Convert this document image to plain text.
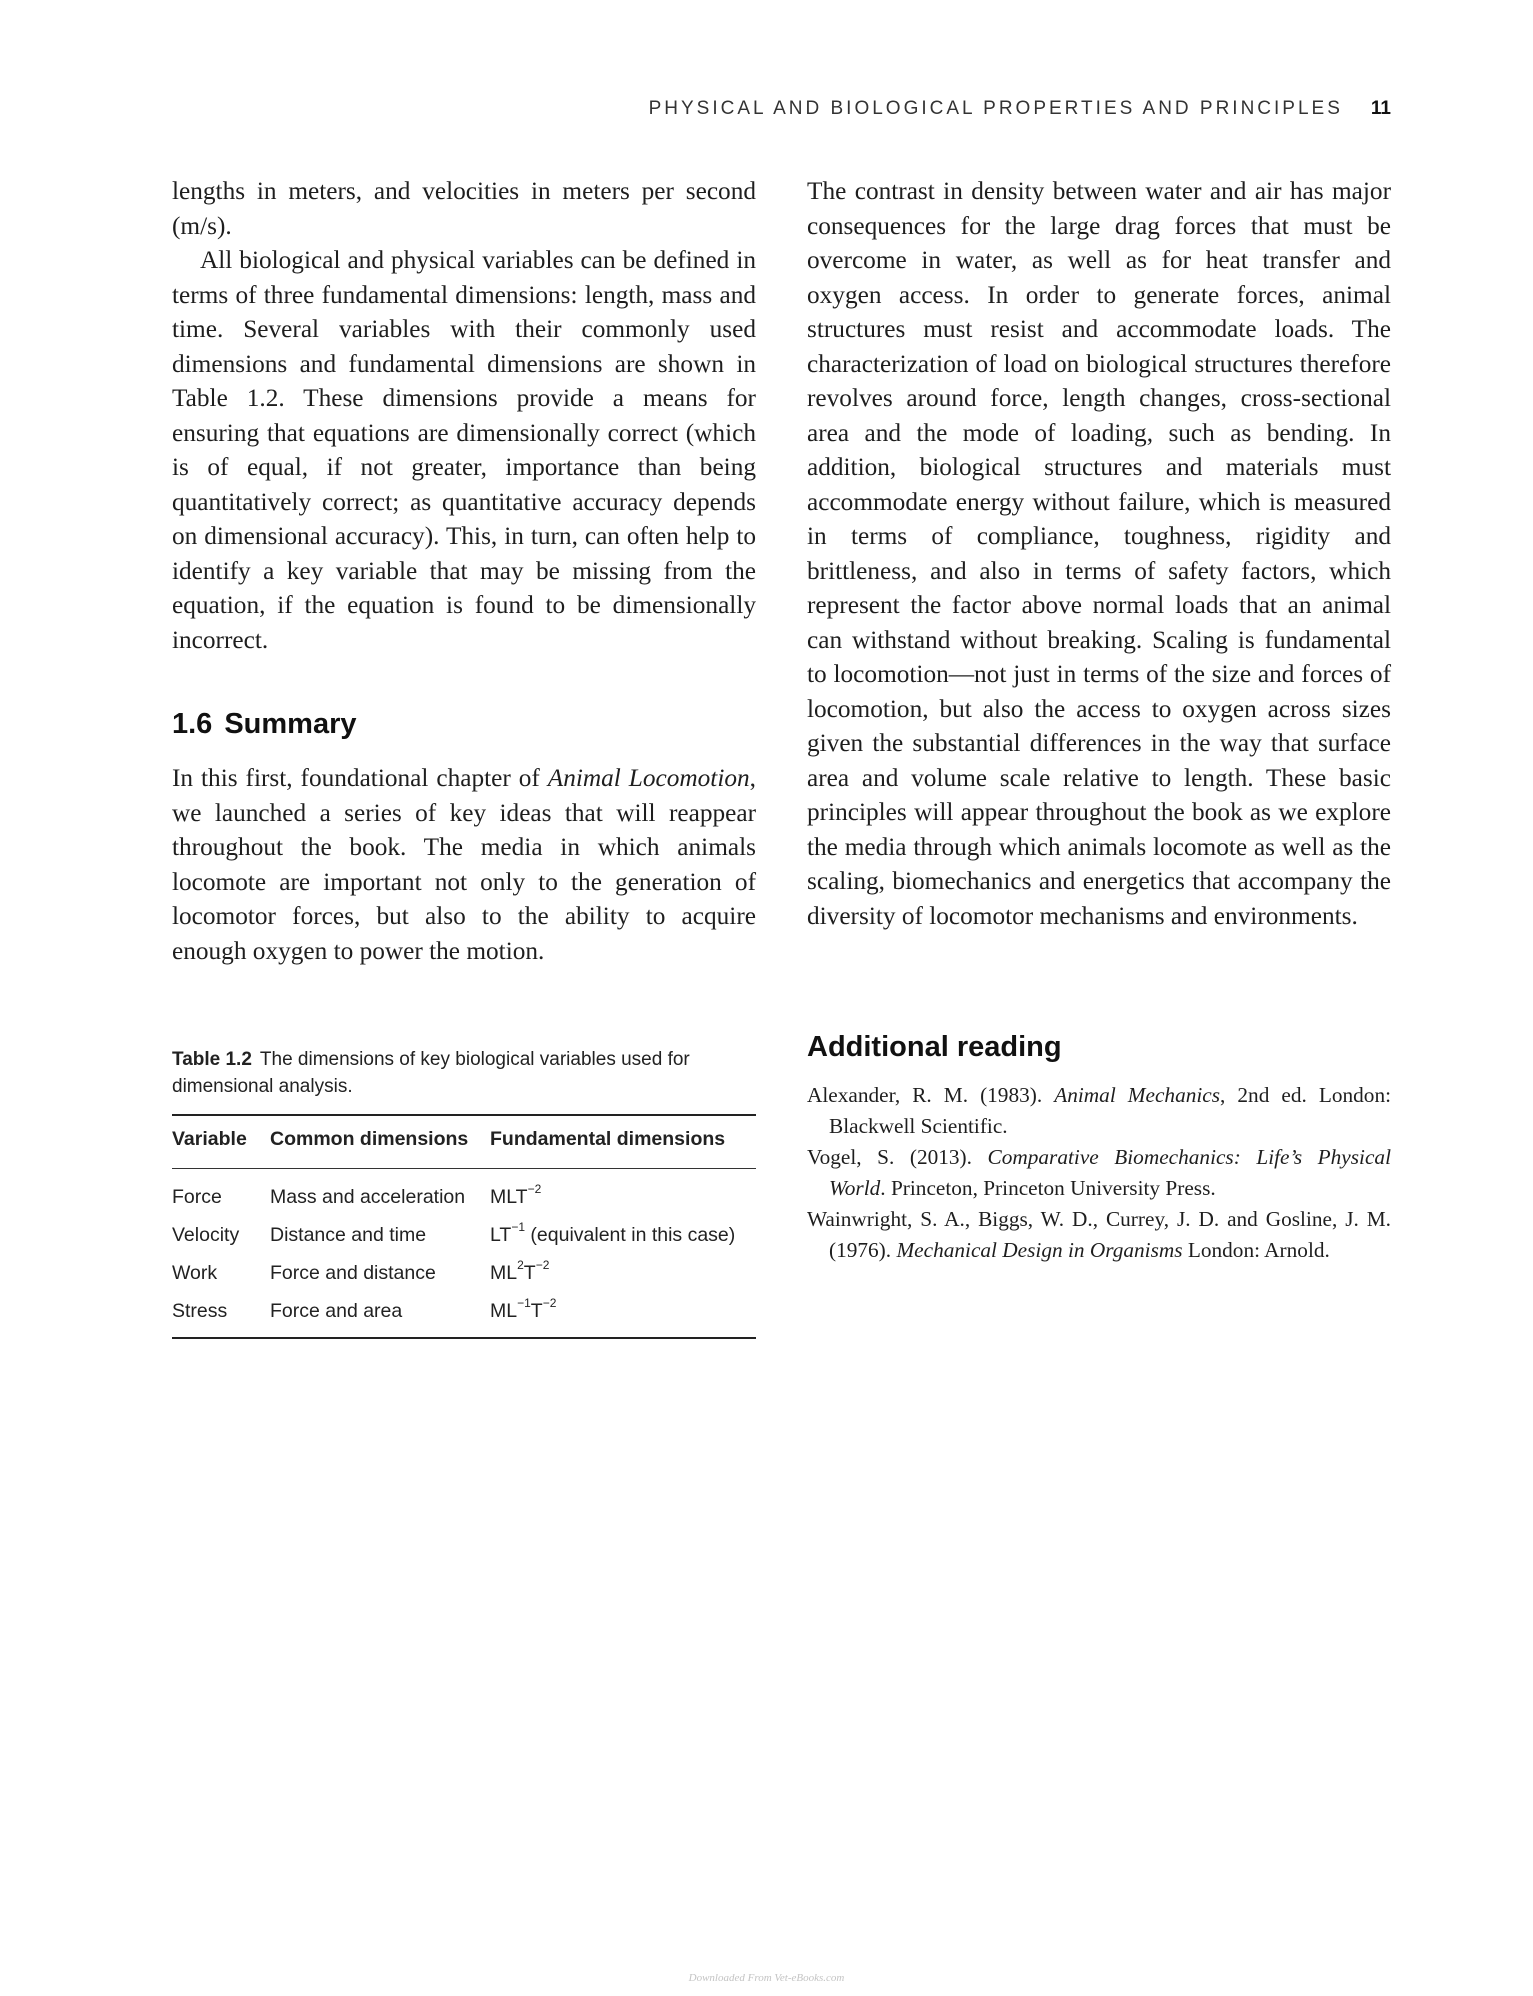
PHYSICAL AND BIOLOGICAL PROPERTIES AND PRINCIPLES 11

lengths in meters, and velocities in meters per second (m/s).

All biological and physical variables can be defined in terms of three fundamental dimensions: length, mass and time. Several variables with their commonly used dimensions and fundamental dimensions are shown in Table 1.2. These dimensions provide a means for ensuring that equations are dimensionally correct (which is of equal, if not greater, importance than being quantitatively correct; as quantitative accuracy depends on dimensional accuracy). This, in turn, can often help to identify a key variable that may be missing from the equation, if the equation is found to be dimensionally incorrect.

1.6 Summary

In this first, foundational chapter of Animal Locomotion, we launched a series of key ideas that will reappear throughout the book. The media in which animals locomote are important not only to the generation of locomotor forces, but also to the ability to acquire enough oxygen to power the motion.

Table 1.2 The dimensions of key biological variables used for dimensional analysis.

Variable	Common dimensions	Fundamental dimensions
Force	Mass and acceleration	$MLT^{-2}$
Velocity	Distance and time	$LT^{-1}$ (equivalent in this case)
Work	Force and distance	$ML^2T^{-2}$
Stress	Force and area	$ML^{-1}T^{-2}$

The contrast in density between water and air has major consequences for the large drag forces that must be overcome in water, as well as for heat transfer and oxygen access. In order to generate forces, animal structures must resist and accommodate loads. The characterization of load on biological structures therefore revolves around force, length changes, cross-sectional area and the mode of loading, such as bending. In addition, biological structures and materials must accommodate energy without failure, which is measured in terms of compliance, toughness, rigidity and brittleness, and also in terms of safety factors, which represent the factor above normal loads that an animal can withstand without breaking. Scaling is fundamental to locomotion—not just in terms of the size and forces of locomotion, but also the access to oxygen across sizes given the substantial differences in the way that surface area and volume scale relative to length. These basic principles will appear throughout the book as we explore the media through which animals locomote as well as the scaling, biomechanics and energetics that accompany the diversity of locomotor mechanisms and environments.

Additional reading
Alexander, R. M. (1983). Animal Mechanics, 2nd ed. London: Blackwell Scientific.
Vogel, S. (2013). Comparative Biomechanics: Life’s Physical World. Princeton, Princeton University Press.
Wainwright, S. A., Biggs, W. D., Currey, J. D. and Gosline, J. M. (1976). Mechanical Design in Organisms London: Arnold.
Downloaded From Vet-eBooks.com
